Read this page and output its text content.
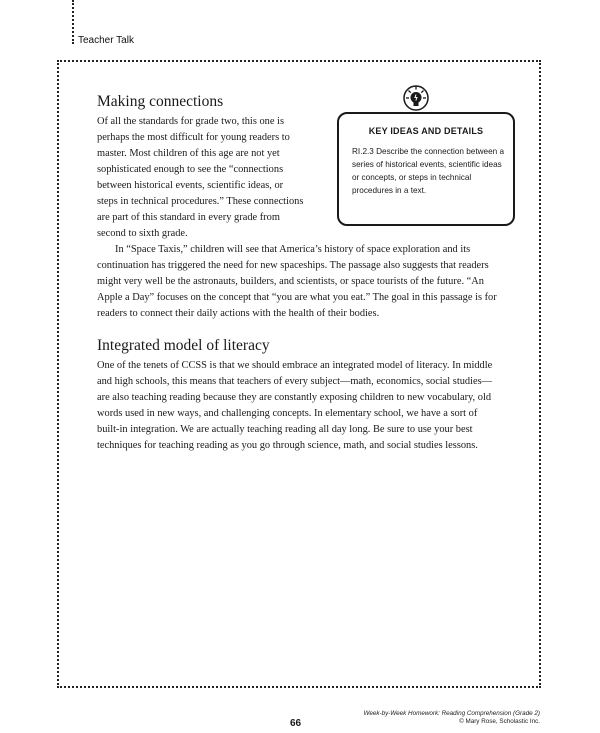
Teacher Talk
Making connections

Of all the standards for grade two, this one is perhaps the most difficult for young readers to master. Most children of this age are not yet sophisticated enough to see the “connections between historical events, scientific ideas, or steps in technical procedures.” These connections are part of this standard in every grade from second to sixth grade.

In “Space Taxis,” children will see that America’s history of space exploration and its continuation has triggered the need for new spaceships. The passage also suggests that readers might very well be the astronauts, builders, and scientists, or space tourists of the future. “An Apple a Day” focuses on the concept that “you are what you eat.” The goal in this passage is for readers to connect their daily actions with the health of their bodies.

Integrated model of literacy

One of the tenets of CCSS is that we should embrace an integrated model of literacy. In middle and high schools, this means that teachers of every subject—math, economics, social studies—are also teaching reading because they are constantly exposing children to new vocabulary, old words used in new ways, and challenging concepts. In elementary school, we have a sort of built-in integration. We are actually teaching reading all day long. Be sure to use your best techniques for teaching reading as you go through science, math, and social studies lessons.

KEY IDEAS AND DETAILS
RI.2.3 Describe the connection between a series of historical events, scientific ideas or concepts, or steps in technical procedures in a text.
66
Week-by-Week Homework: Reading Comprehension (Grade 2)
© Mary Rose, Scholastic Inc.
